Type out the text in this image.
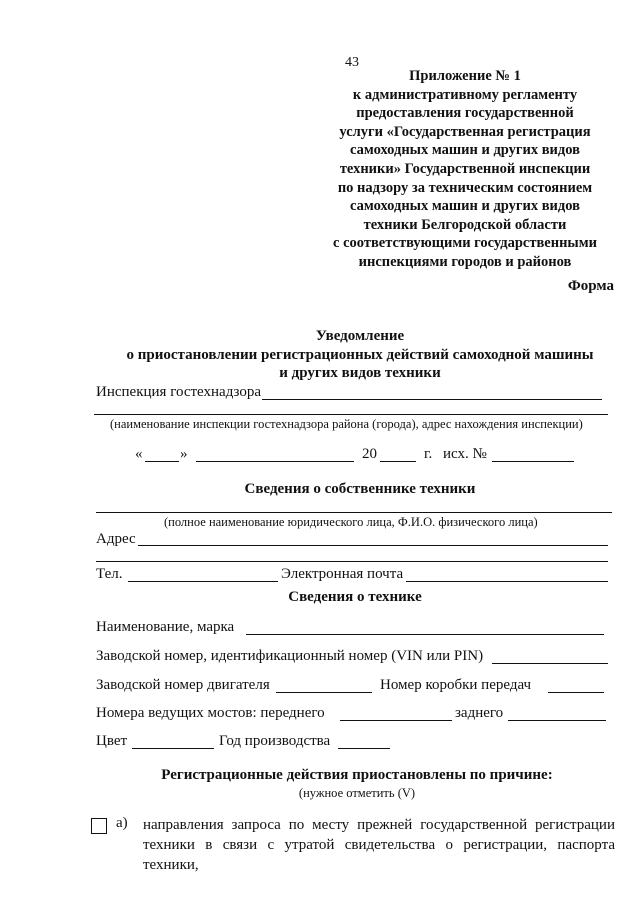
43
Приложение № 1
к административному регламенту
предоставления государственной
услуги «Государственная регистрация
самоходных машин и других видов
техники» Государственной инспекции
по надзору за техническим состоянием
самоходных машин и других видов
техники Белгородской области
с соответствующими государственными
инспекциями городов и районов
Форма
Уведомление
о приостановлении регистрационных действий самоходной машины
и других видов техники
Инспекция гостехнадзора
(наименование инспекции гостехнадзора района (города), адрес нахождения инспекции)
«	»	20	г. исх. №
Сведения о собственнике техники
(полное наименование юридического лица, Ф.И.О. физического лица)
Адрес
Тел.	Электронная почта
Сведения о технике
Наименование, марка
Заводской номер, идентификационный номер (VIN или PIN)
Заводской номер двигателя	Номер коробки передач
Номера ведущих мостов: переднего	заднего
Цвет	Год производства
Регистрационные действия приостановлены по причине:
(нужное отметить (V)
а) направления запроса по месту прежней государственной регистрации техники в связи с утратой свидетельства о регистрации, паспорта техники,
